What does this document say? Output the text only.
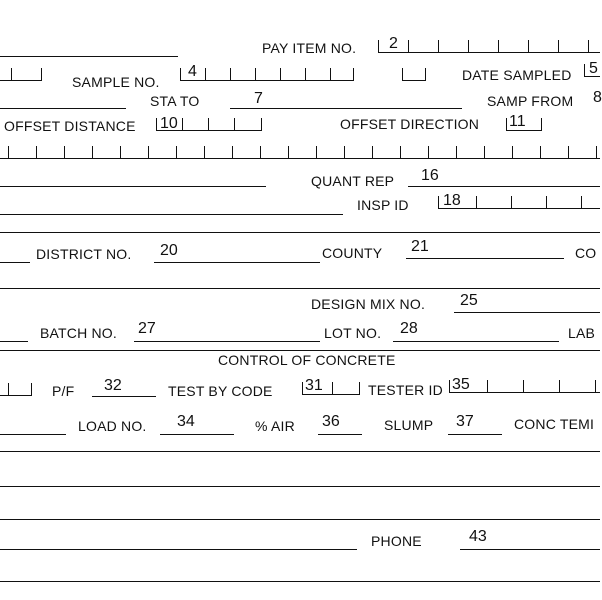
PAY ITEM NO. 2
SAMPLE NO.
4	DATE SAMPLED 5
STA TO	7	SAMP FROM 8
OFFSET DISTANCE 10	OFFSET DIRECTION 11
QUANT REP 16
INSP ID 18
DISTRICT NO. 20	COUNTY 21	CO
DESIGN MIX NO. 25
BATCH NO. 27	LOT NO. 28	LAB
CONTROL OF CONCRETE
P/F 32	TEST BY CODE 31	TESTER ID 35
LOAD NO. 34	% AIR 36	SLUMP 37	CONC TEMI
PHONE	43
